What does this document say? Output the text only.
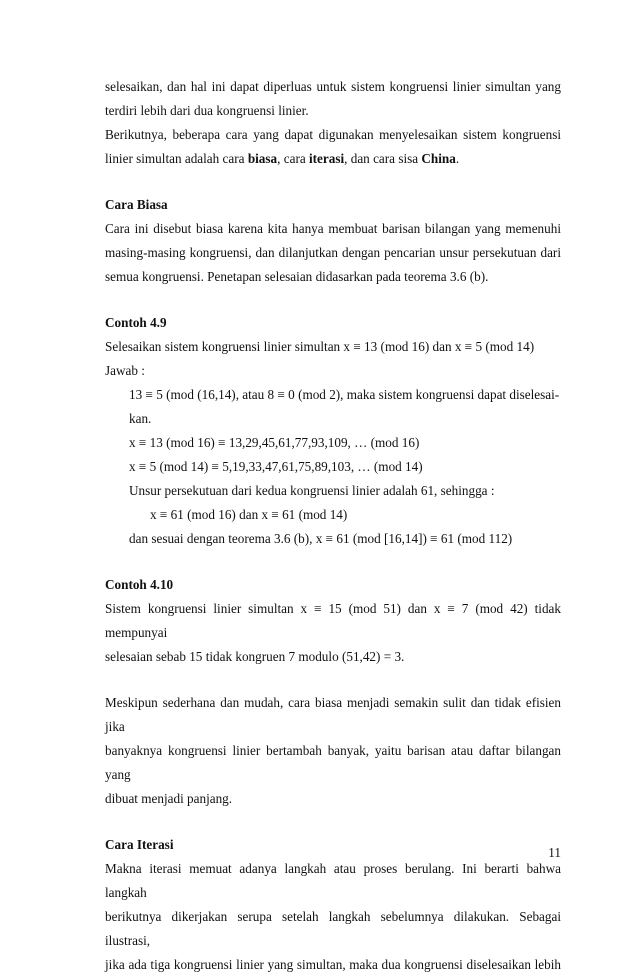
selesaikan, dan hal ini dapat diperluas untuk sistem kongruensi linier simultan yang

terdiri lebih dari dua kongruensi linier.

Berikutnya, beberapa cara yang dapat digunakan menyelesaikan sistem kongruensi

linier simultan adalah cara biasa, cara iterasi, dan cara sisa China.

Cara Biasa

Cara ini disebut biasa karena kita hanya membuat barisan bilangan yang memenuhi

masing-masing kongruensi, dan dilanjutkan dengan pencarian unsur persekutuan dari

semua kongruensi. Penetapan selesaian didasarkan pada teorema 3.6 (b).

Contoh 4.9

Selesaikan sistem kongruensi linier simultan x ≡ 13 (mod 16) dan x ≡ 5 (mod 14)

Jawab :

13 ≡ 5 (mod (16,14), atau 8 ≡ 0 (mod 2), maka sistem kongruensi dapat diselesai-

kan.

x ≡ 13 (mod 16) ≡ 13,29,45,61,77,93,109, … (mod 16)

x ≡ 5 (mod 14) ≡ 5,19,33,47,61,75,89,103, … (mod 14)

Unsur persekutuan dari kedua kongruensi linier adalah 61, sehingga :

x ≡ 61 (mod 16) dan x ≡ 61 (mod 14)

dan sesuai dengan teorema 3.6 (b), x ≡ 61 (mod [16,14]) ≡ 61 (mod 112)

Contoh 4.10

Sistem kongruensi linier simultan x ≡ 15 (mod 51) dan x ≡ 7 (mod 42) tidak mempunyai

selesaian sebab 15 tidak kongruen 7 modulo (51,42) = 3.

Meskipun sederhana dan mudah, cara biasa menjadi semakin sulit dan tidak efisien jika

banyaknya kongruensi linier bertambah banyak, yaitu barisan atau daftar bilangan yang

dibuat menjadi panjang.

Cara Iterasi

Makna iterasi memuat adanya langkah atau proses berulang. Ini berarti bahwa langkah

berikutnya dikerjakan serupa setelah langkah sebelumnya dilakukan. Sebagai ilustrasi,

jika ada tiga kongruensi linier yang simultan, maka dua kongruensi diselesaikan lebih

11
